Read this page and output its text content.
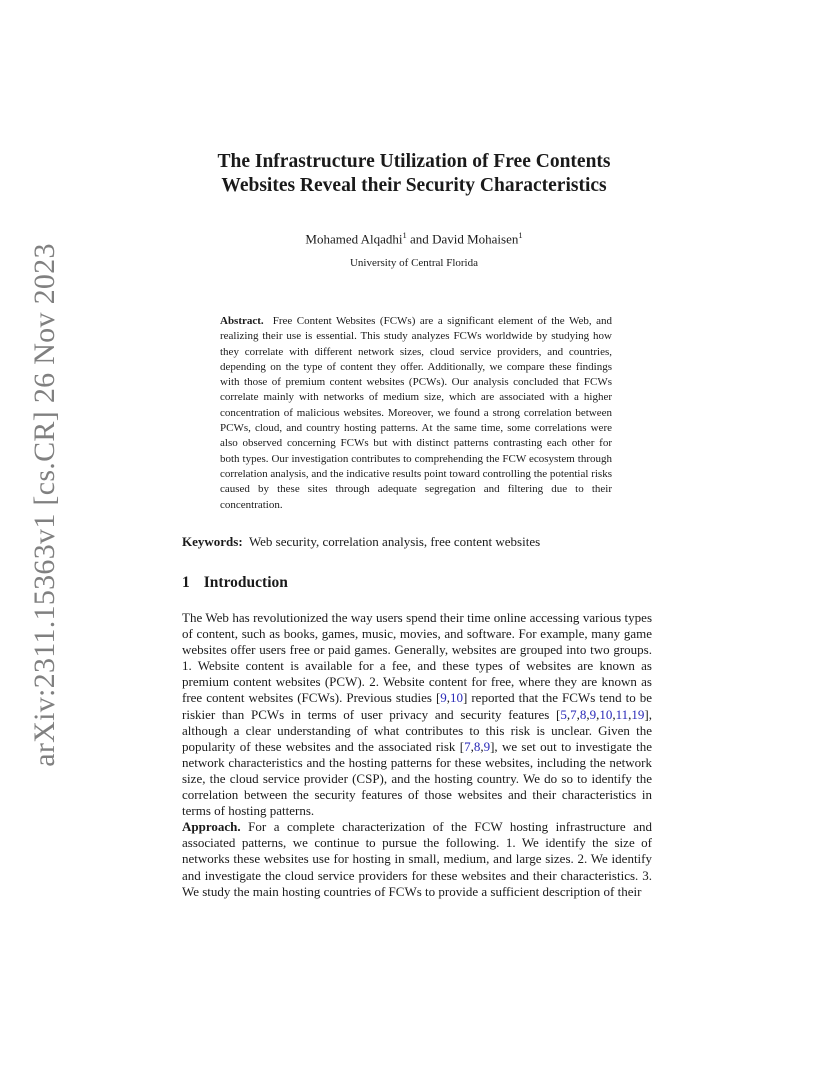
arXiv:2311.15363v1 [cs.CR] 26 Nov 2023
The Infrastructure Utilization of Free Contents
Websites Reveal their Security Characteristics
Mohamed Alqadhi$^1$ and David Mohaisen$^1$
University of Central Florida
Abstract. Free Content Websites (FCWs) are a significant element of the Web, and realizing their use is essential. This study analyzes FCWs worldwide by studying how they correlate with different network sizes, cloud service providers, and countries, depending on the type of content they offer. Additionally, we compare these findings with those of premium content websites (PCWs). Our analysis concluded that FCWs correlate mainly with networks of medium size, which are associated with a higher concentration of malicious websites. Moreover, we found a strong correlation between PCWs, cloud, and country hosting patterns. At the same time, some correlations were also observed concerning FCWs but with distinct patterns contrasting each other for both types. Our investigation contributes to comprehending the FCW ecosystem through correlation analysis, and the indicative results point toward controlling the potential risks caused by these sites through adequate segregation and filtering due to their concentration.
Keywords: Web security, correlation analysis, free content websites
1 Introduction

The Web has revolutionized the way users spend their time online accessing various types of content, such as books, games, music, movies, and software. For example, many game websites offer users free or paid games. Generally, websites are grouped into two groups. 1. Website content is available for a fee, and these types of websites are known as premium content websites (PCW). 2. Website content for free, where they are known as free content websites (FCWs). Previous studies [9,10] reported that the FCWs tend to be riskier than PCWs in terms of user privacy and security features [5,7,8,9,10,11,19], although a clear understanding of what contributes to this risk is unclear. Given the popularity of these websites and the associated risk [7,8,9], we set out to investigate the network characteristics and the hosting patterns for these websites, including the network size, the cloud service provider (CSP), and the hosting country. We do so to identify the correlation between the security features of those websites and their characteristics in terms of hosting patterns.

Approach. For a complete characterization of the FCW hosting infrastructure and associated patterns, we continue to pursue the following. 1. We identify the size of networks these websites use for hosting in small, medium, and large sizes. 2. We identify and investigate the cloud service providers for these websites and their characteristics. 3. We study the main hosting countries of FCWs to provide a sufficient description of their
